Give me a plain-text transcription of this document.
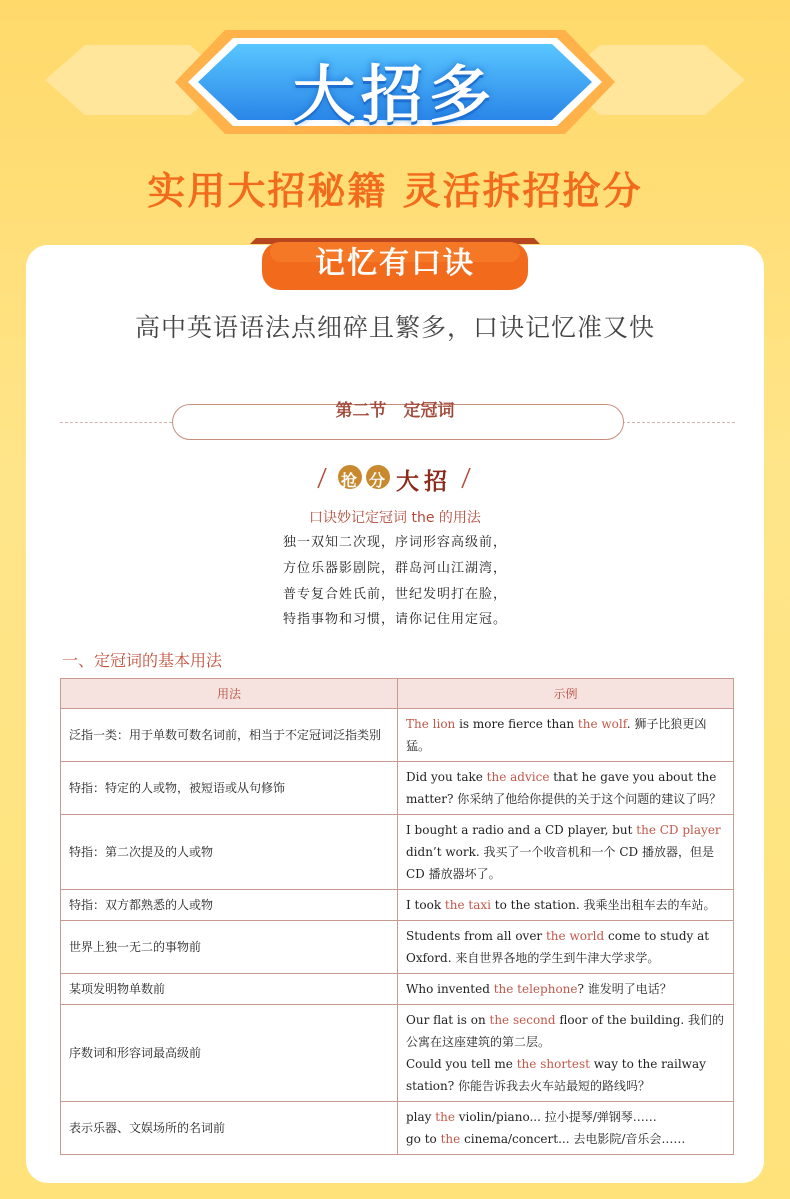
大招多
实用大招秘籍 灵活拆招抢分
记忆有口诀
高中英语语法点细碎且繁多，口诀记忆准又快
第二节　定冠词
抢 分 大 招
口诀妙记定冠词 the 的用法
独一双知二次现，序词形容高级前，
方位乐器影剧院，群岛河山江湖湾，
普专复合姓氏前，世纪发明打在脸，
特指事物和习惯，请你记住用定冠。
一、定冠词的基本用法
用法	示例
泛指一类：用于单数可数名词前，相当于不定冠词泛指类别	The lion is more fierce than the wolf. 狮子比狼更凶猛。
特指：特定的人或物，被短语或从句修饰	Did you take the advice that he gave you about the matter? 你采纳了他给你提供的关于这个问题的建议了吗？
特指：第二次提及的人或物	I bought a radio and a CD player, but the CD player didn’t work. 我买了一个收音机和一个 CD 播放器，但是 CD 播放器坏了。
特指：双方都熟悉的人或物	I took the taxi to the station. 我乘坐出租车去的车站。
世界上独一无二的事物前	Students from all over the world come to study at Oxford. 来自世界各地的学生到牛津大学求学。
某项发明物单数前	Who invented the telephone? 谁发明了电话？
序数词和形容词最高级前	Our flat is on the second floor of the building. 我们的公寓在这座建筑的第二层。
Could you tell me the shortest way to the railway station? 你能告诉我去火车站最短的路线吗？
表示乐器、文娱场所的名词前	play the violin/piano... 拉小提琴/弹钢琴……
go to the cinema/concert... 去电影院/音乐会……
